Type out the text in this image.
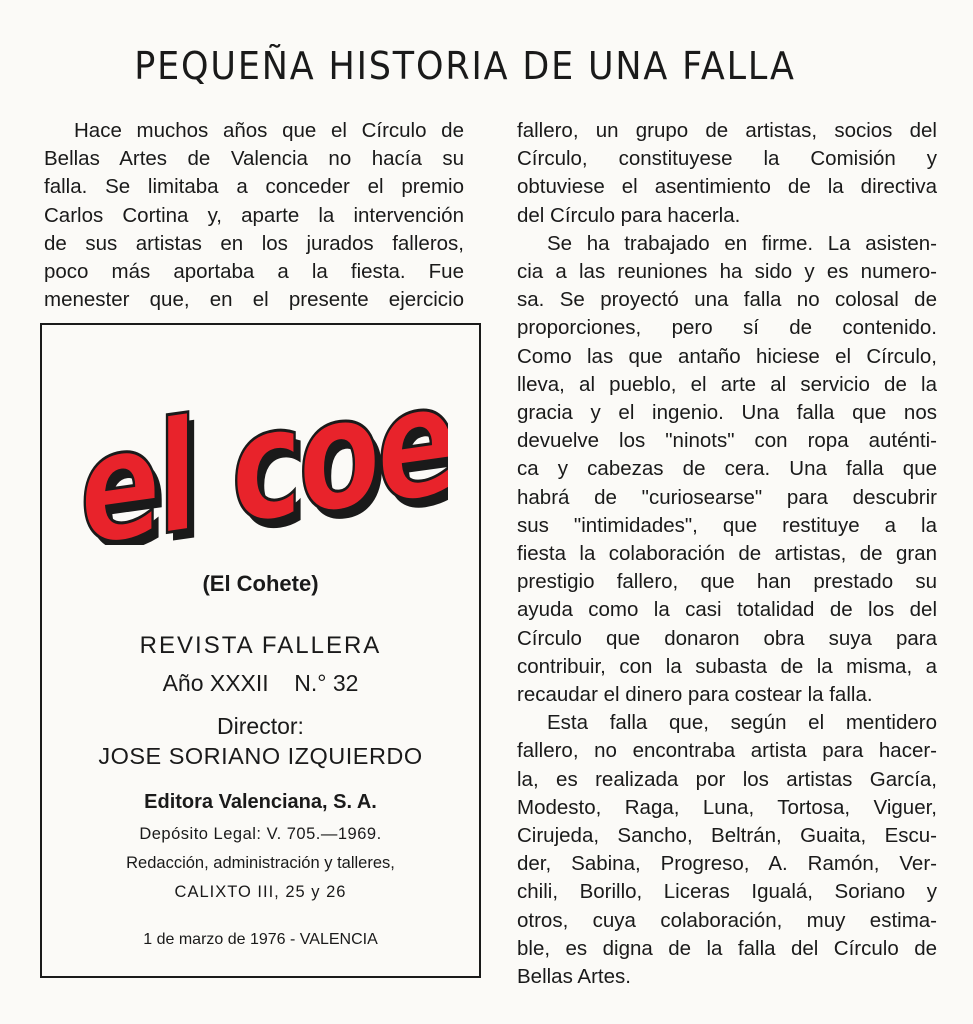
PEQUEÑA HISTORIA DE UNA FALLA
Hace muchos años que el Círculo de
Bellas Artes de Valencia no hacía su
falla. Se limitaba a conceder el premio
Carlos Cortina y, aparte la intervención
de sus artistas en los jurados falleros,
poco más aportaba a la fiesta. Fue
menester que, en el presente ejercicio
fallero, un grupo de artistas, socios del
Círculo, constituyese la Comisión y
obtuviese el asentimiento de la directiva
del Círculo para hacerla.
Se ha trabajado en firme. La asisten-
cia a las reuniones ha sido y es numero-
sa. Se proyectó una falla no colosal de
proporciones, pero sí de contenido.
Como las que antaño hiciese el Círculo,
lleva, al pueblo, el arte al servicio de la
gracia y el ingenio. Una falla que nos
devuelve los "ninots" con ropa auténti-
ca y cabezas de cera. Una falla que
habrá de "curiosearse" para descubrir
sus "intimidades", que restituye a la
fiesta la colaboración de artistas, de gran
prestigio fallero, que han prestado su
ayuda como la casi totalidad de los del
Círculo que donaron obra suya para
contribuir, con la subasta de la misma, a
recaudar el dinero para costear la falla.
Esta falla que, según el mentidero
fallero, no encontraba artista para hacer-
la, es realizada por los artistas García,
Modesto, Raga, Luna, Tortosa, Viguer,
Cirujeda, Sancho, Beltrán, Guaita, Escu-
der, Sabina, Progreso, A. Ramón, Ver-
chili, Borillo, Liceras Igualá, Soriano y
otros, cuya colaboración, muy estima-
ble, es digna de la falla del Círculo de
Bellas Artes.
el coet
el coet
(El Cohete)
REVISTA FALLERA
Año XXXII    N.° 32
Director:
JOSE SORIANO IZQUIERDO
Editora Valenciana, S. A.
Depósito Legal: V. 705.—1969.
Redacción, administración y talleres,
CALIXTO III, 25 y 26
1 de marzo de 1976 - VALENCIA
